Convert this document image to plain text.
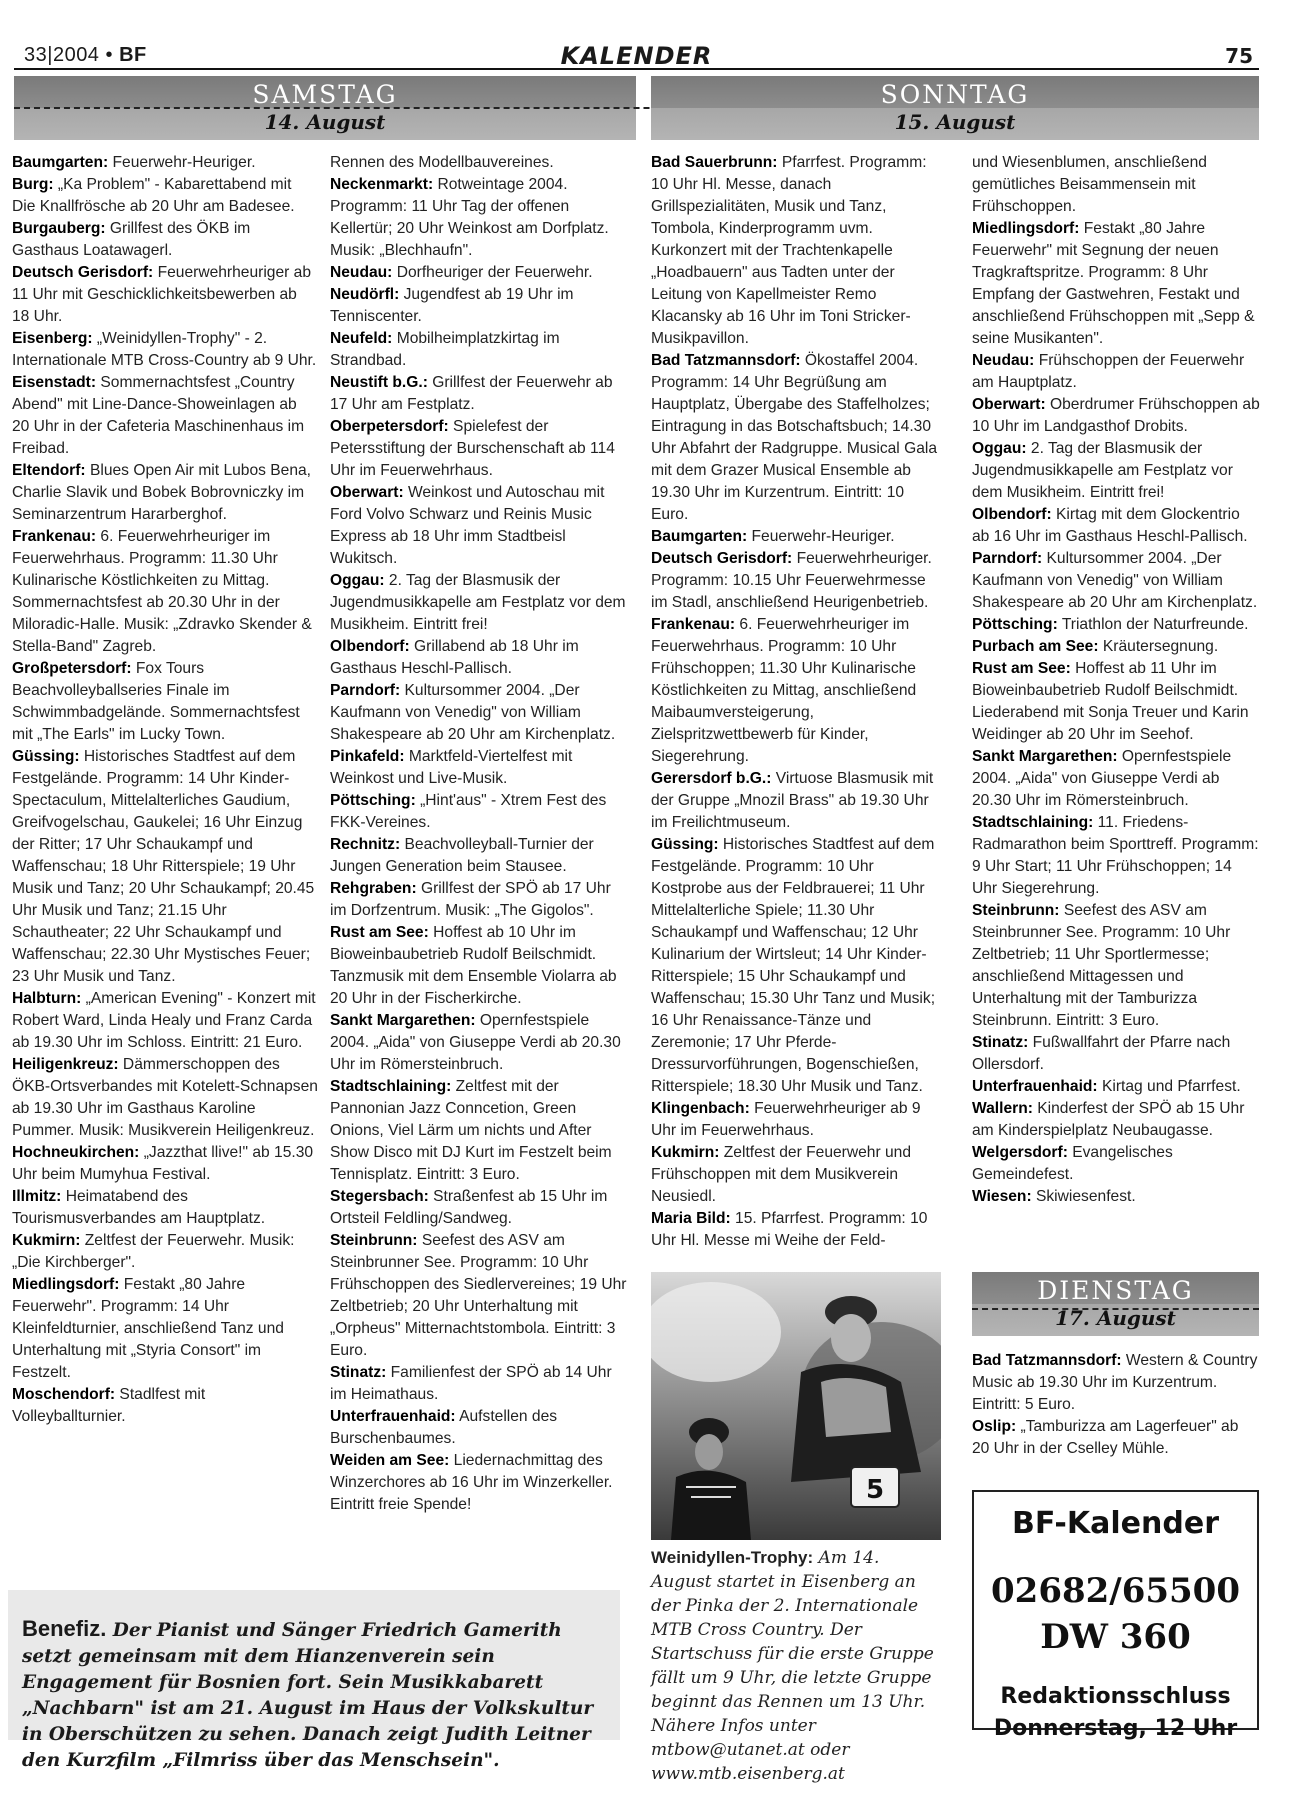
33|2004 • BF	KALENDER	75
SAMSTAG
14. August
SONNTAG
15. August

Baumgarten: Feuerwehr-Heuriger.

Burg: „Ka Problem" - Kabarettabend mit Die Knallfrösche ab 20 Uhr am Badesee.

Burgauberg: Grillfest des ÖKB im Gasthaus Loatawagerl.

Deutsch Gerisdorf: Feuerwehrheuriger ab 11 Uhr mit Geschicklichkeitsbewerben ab 18 Uhr.

Eisenberg: „Weinidyllen-Trophy" - 2. Internationale MTB Cross-Country ab 9 Uhr.

Eisenstadt: Sommernachtsfest „Country Abend" mit Line-Dance-Showeinlagen ab 20 Uhr in der Cafeteria Maschinenhaus im Freibad.

Eltendorf: Blues Open Air mit Lubos Bena, Charlie Slavik und Bobek Bobrovniczky im Seminarzentrum Hararberghof.

Frankenau: 6. Feuerwehrheuriger im Feuerwehrhaus. Programm: 11.30 Uhr Kulinarische Köstlichkeiten zu Mittag. Sommernachtsfest ab 20.30 Uhr in der Miloradic-Halle. Musik: „Zdravko Skender & Stella-Band" Zagreb.

Großpetersdorf: Fox Tours Beachvolleyballseries Finale im Schwimmbadgelände. Sommernachtsfest mit „The Earls" im Lucky Town.

Güssing: Historisches Stadtfest auf dem Festgelände. Programm: 14 Uhr Kinder-Spectaculum, Mittelalterliches Gaudium, Greifvogelschau, Gaukelei; 16 Uhr Einzug der Ritter; 17 Uhr Schaukampf und Waffenschau; 18 Uhr Ritterspiele; 19 Uhr Musik und Tanz; 20 Uhr Schaukampf; 20.45 Uhr Musik und Tanz; 21.15 Uhr Schautheater; 22 Uhr Schaukampf und Waffenschau; 22.30 Uhr Mystisches Feuer; 23 Uhr Musik und Tanz.

Halbturn: „American Evening" - Konzert mit Robert Ward, Linda Healy und Franz Carda ab 19.30 Uhr im Schloss. Eintritt: 21 Euro.

Heiligenkreuz: Dämmerschoppen des ÖKB-Ortsverbandes mit Kotelett-Schnapsen ab 19.30 Uhr im Gasthaus Karoline Pummer. Musik: Musikverein Heiligenkreuz.

Hochneukirchen: „Jazzthat llive!" ab 15.30 Uhr beim Mumyhua Festival.

Illmitz: Heimatabend des Tourismusverbandes am Hauptplatz.

Kukmirn: Zeltfest der Feuerwehr. Musik: „Die Kirchberger".

Miedlingsdorf: Festakt „80 Jahre Feuerwehr". Programm: 14 Uhr Kleinfeldturnier, anschließend Tanz und Unterhaltung mit „Styria Consort" im Festzelt.

Moschendorf: Stadlfest mit Volleyballturnier.

Rennen des Modellbauvereines.

Neckenmarkt: Rotweintage 2004. Programm: 11 Uhr Tag der offenen Kellertür; 20 Uhr Weinkost am Dorfplatz. Musik: „Blechhaufn".

Neudau: Dorfheuriger der Feuerwehr.

Neudörfl: Jugendfest ab 19 Uhr im Tenniscenter.

Neufeld: Mobilheimplatzkirtag im Strandbad.

Neustift b.G.: Grillfest der Feuerwehr ab 17 Uhr am Festplatz.

Oberpetersdorf: Spielefest der Petersstiftung der Burschenschaft ab 114 Uhr im Feuerwehrhaus.

Oberwart: Weinkost und Autoschau mit Ford Volvo Schwarz und Reinis Music Express ab 18 Uhr imm Stadtbeisl Wukitsch.

Oggau: 2. Tag der Blasmusik der Jugendmusikkapelle am Festplatz vor dem Musikheim. Eintritt frei!

Olbendorf: Grillabend ab 18 Uhr im Gasthaus Heschl-Pallisch.

Parndorf: Kultursommer 2004. „Der Kaufmann von Venedig" von William Shakespeare ab 20 Uhr am Kirchenplatz.

Pinkafeld: Marktfeld-Viertelfest mit Weinkost und Live-Musik.

Pöttsching: „Hint'aus" - Xtrem Fest des FKK-Vereines.

Rechnitz: Beachvolleyball-Turnier der Jungen Generation beim Stausee.

Rehgraben: Grillfest der SPÖ ab 17 Uhr im Dorfzentrum. Musik: „The Gigolos".

Rust am See: Hoffest ab 10 Uhr im Bioweinbaubetrieb Rudolf Beilschmidt. Tanzmusik mit dem Ensemble Violarra ab 20 Uhr in der Fischerkirche.

Sankt Margarethen: Opernfestspiele 2004. „Aida" von Giuseppe Verdi ab 20.30 Uhr im Römersteinbruch.

Stadtschlaining: Zeltfest mit der Pannonian Jazz Conncetion, Green Onions, Viel Lärm um nichts und After Show Disco mit DJ Kurt im Festzelt beim Tennisplatz. Eintritt: 3 Euro.

Stegersbach: Straßenfest ab 15 Uhr im Ortsteil Feldling/Sandweg.

Steinbrunn: Seefest des ASV am Steinbrunner See. Programm: 10 Uhr Frühschoppen des Siedlervereines; 19 Uhr Zeltbetrieb; 20 Uhr Unterhaltung mit „Orpheus" Mitternachtstombola. Eintritt: 3 Euro.

Stinatz: Familienfest der SPÖ ab 14 Uhr im Heimathaus.

Unterfrauenhaid: Aufstellen des Burschenbaumes.

Weiden am See: Liedernachmittag des Winzerchores ab 16 Uhr im Winzerkeller. Eintritt freie Spende!

Bad Sauerbrunn: Pfarrfest. Programm: 10 Uhr Hl. Messe, danach Grillspezialitäten, Musik und Tanz, Tombola, Kinderprogramm uvm. Kurkonzert mit der Trachtenkapelle „Hoadbauern" aus Tadten unter der Leitung von Kapellmeister Remo Klacansky ab 16 Uhr im Toni Stricker-Musikpavillon.

Bad Tatzmannsdorf: Ökostaffel 2004. Programm: 14 Uhr Begrüßung am Hauptplatz, Übergabe des Staffelholzes; Eintragung in das Botschaftsbuch; 14.30 Uhr Abfahrt der Radgruppe. Musical Gala mit dem Grazer Musical Ensemble ab 19.30 Uhr im Kurzentrum. Eintritt: 10 Euro.

Baumgarten: Feuerwehr-Heuriger.

Deutsch Gerisdorf: Feuerwehrheuriger. Programm: 10.15 Uhr Feuerwehrmesse im Stadl, anschließend Heurigenbetrieb.

Frankenau: 6. Feuerwehrheuriger im Feuerwehrhaus. Programm: 10 Uhr Frühschoppen; 11.30 Uhr Kulinarische Köstlichkeiten zu Mittag, anschließend Maibaumversteigerung, Zielspritzwettbewerb für Kinder, Siegerehrung.

Gerersdorf b.G.: Virtuose Blasmusik mit der Gruppe „Mnozil Brass" ab 19.30 Uhr im Freilichtmuseum.

Güssing: Historisches Stadtfest auf dem Festgelände. Programm: 10 Uhr Kostprobe aus der Feldbrauerei; 11 Uhr Mittelalterliche Spiele; 11.30 Uhr Schaukampf und Waffenschau; 12 Uhr Kulinarium der Wirtsleut; 14 Uhr Kinder-Ritterspiele; 15 Uhr Schaukampf und Waffenschau; 15.30 Uhr Tanz und Musik; 16 Uhr Renaissance-Tänze und Zeremonie; 17 Uhr Pferde-Dressurvorführungen, Bogenschießen, Ritterspiele; 18.30 Uhr Musik und Tanz.

Klingenbach: Feuerwehrheuriger ab 9 Uhr im Feuerwehrhaus.

Kukmirn: Zeltfest der Feuerwehr und Frühschoppen mit dem Musikverein Neusiedl.

Maria Bild: 15. Pfarrfest. Programm: 10 Uhr Hl. Messe mi Weihe der Feld-

und Wiesenblumen, anschließend gemütliches Beisammensein mit Frühschoppen.

Miedlingsdorf: Festakt „80 Jahre Feuerwehr" mit Segnung der neuen Tragkraftspritze. Programm: 8 Uhr Empfang der Gastwehren, Festakt und anschließend Frühschoppen mit „Sepp & seine Musikanten".

Neudau: Frühschoppen der Feuerwehr am Hauptplatz.

Oberwart: Oberdrumer Frühschoppen ab 10 Uhr im Landgasthof Drobits.

Oggau: 2. Tag der Blasmusik der Jugendmusikkapelle am Festplatz vor dem Musikheim. Eintritt frei!

Olbendorf: Kirtag mit dem Glockentrio ab 16 Uhr im Gasthaus Heschl-Pallisch.

Parndorf: Kultursommer 2004. „Der Kaufmann von Venedig" von William Shakespeare ab 20 Uhr am Kirchenplatz.

Pöttsching: Triathlon der Naturfreunde.

Purbach am See: Kräutersegnung.

Rust am See: Hoffest ab 11 Uhr im Bioweinbaubetrieb Rudolf Beilschmidt. Liederabend mit Sonja Treuer und Karin Weidinger ab 20 Uhr im Seehof.

Sankt Margarethen: Opernfestspiele 2004. „Aida" von Giuseppe Verdi ab 20.30 Uhr im Römersteinbruch.

Stadtschlaining: 11. Friedens-Radmarathon beim Sporttreff. Programm: 9 Uhr Start; 11 Uhr Frühschoppen; 14 Uhr Siegerehrung.

Steinbrunn: Seefest des ASV am Steinbrunner See. Programm: 10 Uhr Zeltbetrieb; 11 Uhr Sportlermesse; anschließend Mittagessen und Unterhaltung mit der Tamburizza Steinbrunn. Eintritt: 3 Euro.

Stinatz: Fußwallfahrt der Pfarre nach Ollersdorf.

Unterfrauenhaid: Kirtag und Pfarrfest.

Wallern: Kinderfest der SPÖ ab 15 Uhr am Kinderspielplatz Neubaugasse.

Welgersdorf: Evangelisches Gemeindefest.

Wiesen: Skiwiesenfest.

5
Weinidyllen-Trophy: Am 14. August startet in Eisenberg an der Pinka der 2. Internationale MTB Cross Country. Der Startschuss für die erste Gruppe fällt um 9 Uhr, die letzte Gruppe beginnt das Rennen um 13 Uhr. Nähere Infos unter mtbow@utanet.at oder www.mtb.eisenberg.at
DIENSTAG
17. August

Bad Tatzmannsdorf: Western & Country Music ab 19.30 Uhr im Kurzentrum. Eintritt: 5 Euro.

Oslip: „Tamburizza am Lagerfeuer" ab 20 Uhr in der Cselley Mühle.

Benefiz. Der Pianist und Sänger Friedrich Gamerith setzt gemeinsam mit dem Hianzenverein sein Engagement für Bosnien fort. Sein Musikkabarett „Nachbarn" ist am 21. August im Haus der Volkskultur in Oberschützen zu sehen. Danach zeigt Judith Leitner den Kurzfilm „Filmriss über das Menschsein".
BF-Kalender
02682/65500
DW 360
Redaktionsschluss
Donnerstag, 12 Uhr
